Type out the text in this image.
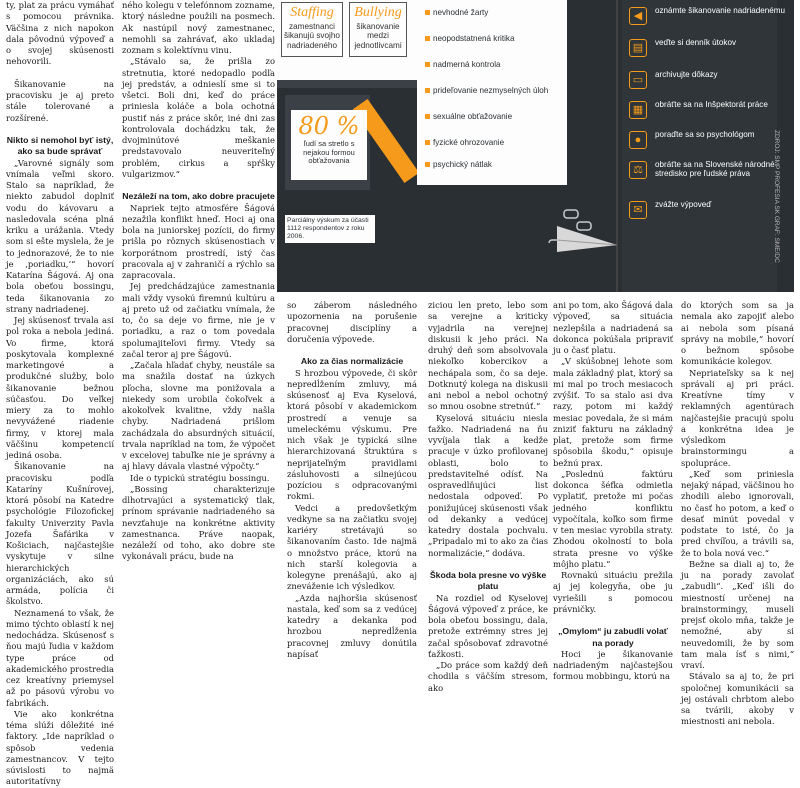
ty, plat za prácu vymáhať s pomocou právnika. Väčšina z nich napokon dala pôvodnú výpoveď a o svojej skúsenosti nehovorili.

Šikanovanie na pracovisku je aj preto stále tolerované a rozšírené.

Nikto si nemohol byť istý, ako sa bude správať

„Varovné signály som vnímala veľmi skoro. Stalo sa napríklad, že niekto zabudol doplniť vodu do kávovaru a nasledovala scéna plná kriku a urážania. Vtedy som si ešte myslela, že je to jednorazové, že to nie je ‚poriadku,‘“ hovorí Katarína Šágová. Aj ona bola obeťou bossingu, teda šikanovania zo strany nadriadenej.

Jej skúsenosť trvala asi pol roka a nebola jediná. Vo firme, ktorá poskytovala komplexné marketingové a produkčné služby, bolo šikanovanie bežnou súčasťou. Do veľkej miery za to mohlo nevyvážené riadenie firmy, v ktorej mala väčšinu kompetencií jediná osoba.

Šikanovanie na pracovisku podľa Kataríny Kušnírovej, ktorá pôsobí na Katedre psychológie Filozofickej fakulty Univerzity Pavla Jozefa Šafárika v Košiciach, najčastejšie vyskytuje v silne hierarchických organizáciách, ako sú armáda, polícia či školstvo.

Neznamená to však, že mimo týchto oblastí k nej nedochádza. Skúsenosť s ňou majú ľudia v každom type práce od akademického prostredia cez kreatívny priemysel až po pásovú výrobu vo fabrikách.

Vie ako konkrétna téma slúži dôležité iné faktory. „Ide napríklad o spôsob vedenia zamestnancov. V tejto súvislosti to najmä autoritatívny

ného kolegu v telefónnom zozname, ktorý následne použili na posmech. Ak nastúpil nový zamestnanec, nemohli sa zahrávať, ako ukladaj zoznam s kolektívnu vinu.

„Stávalo sa, že prišla zo stretnutia, ktoré nedopadlo podľa jej predstáv, a odnieslí sme si to všetci. Boli dni, keď do práce priniesla koláče a bola ochotná pustiť nás z práce skôr, iné dni zas kontrolovala dochádzku tak, že dvojminútové meškanie predstavovalo neuveriteľný problém, cirkus a spŕšky vulgarizmov.“

Nezáleží na tom, ako dobre pracujete

Napriek tejto atmosfére Šágová nezažila konflikt hneď. Hoci aj ona bola na juniorskej pozícii, do firmy prišla po rôznych skúsenostiach v korporátnom prostredí, istý čas pracovala aj v zahraničí a rýchlo sa zapracovala.

Jej predchádzajúce zamestnania mali vždy vysokú firemnú kultúru a aj preto už od začiatku vnímala, že to, čo sa deje vo firme, nie je v poriadku, a raz o tom povedala spolumajiteľovi firmy. Vtedy sa začal teror aj pre Šágovú.

„Začala hľadať chyby, neustále sa ma snažila dostať na úzkych pľocha, slovne ma ponižovala a niekedy som urobila čokoľvek a akokoľvek kvalitne, vždy našla chyby. Nadriadená prišlom zachádzala do absurdných situácií, trvala napríklad na tom, že výpočet v excelovej tabuľke nie je správny a aj hlavy dávala vlastné výpočty.“

Ide o typickú stratégiu bossingu.

„Bossing charakterizuje dlhotrvajúci a systematický tlak, prínom správanie nadriadeného sa nevzťahuje na konkrétne aktivity zamestnanca. Práve naopak, nezáleží od toho, ako dobre ste vykonávali prácu, bude na

Staffing
zamestnanci šikanujú svojho nadriadeného
Bullying
šikanovanie medzi jednotlivcami
80 %
ľudí sa stretlo s nejakou formou obťažovania
Parciálny výskum za účasti 1112 respondentov z roku 2006.
nevhodné žarty
neopodstatnená kritika
nadmerná kontrola
prideľovanie nezmyselných úloh
sexuálne obťažovanie
fyzické ohrozovanie
psychický nátlak
◀	oznámte šikanovanie nadriadenému
▤	veďte si denník útokov
▭	archivujte dôkazy
▦	obráťte sa na Inšpektorát práce
●	poraďte sa so psychológom
⚖	obráťte sa na Slovenské národné stredisko pre ľudské práva
✉	zvážte výpoveď	ZDROJ: SMP PROFESIA SK GRAF: SME/DC

so záberom následného upozornenia na porušenie pracovnej disciplíny a doručenia výpovede.

Ako za čias normalizácie

S hrozbou výpovede, či skôr nepredĺžením zmluvy, má skúsenosť aj Eva Kyselová, ktorá pôsobí v akademickom prostredí a venuje sa umeleckému výskumu. Pre nich však je typická silne hierarchizovaná štruktúra s neprijateľným pravidlami zásluhovosti a silnejúcou pozíciou s odpracovanými rokmi.

Vedci a predovšetkým vedkyne sa na začiatku svojej kariéry stretávajú so šikanovaním často. Ide najmä o množstvo práce, ktorú na nich starší kolegovia a kolegyne prenášajú, ako aj zneváženie ich výsledkov.

„Azda najhoršia skúsenosť nastala, keď som sa z vedúcej katedry a dekanka pod hrozbou nepredĺženia pracovnej zmluvy donútila napísať

ziciou len preto, lebo som sa verejne a kriticky vyjadrila na verejnej diskusii k jeho práci. Na druhý deň som absolvovala niekoľko kobercikov a nechápala som, čo sa deje. Dotknutý kolega na diskusii ani nebol a nebol ochotný so mnou osobne stretnúť.“

Kyselová situáciu niesla ťažko. Nadriadená na ňu vyvíjala tlak a kedže pracuje v úzko profilovanej oblasti, bolo to predstaviteľné odísť. Na ospravedlňujúci list nedostala odpoveď. Po ponižujúcej skúsenosti však od dekanky a vedúcej katedry dostala pochvalu. „Pripadalo mi to ako za čias normalizácie,“ dodáva.

Škoda bola presne vo výške platu

Na rozdiel od Kyselovej Šágová výpoveď z práce, ke bola obeťou bossingu, dala, pretože extrémny stres jej začal spôsobovať zdravotné ťažkosti.

„Do práce som každý deň chodila s väčším stresom, ako

ani po tom, ako Šágová dala výpoveď, sa situácia nezlepšila a nadriadená sa dokonca pokúšala pripraviť ju o časť platu.

„V skúšobnej lehote som mala základný plat, ktorý sa mi mal po troch mesiacoch zvýšiť. To sa stalo asi dva razy, potom mi každý mesiac povedala, že si mám zniziť fakturu na základný plat, pretože som firme spôsobila škodu,“ opisuje bežnú prax.

„Poslednú faktúru dokonca šéfka odmietla vyplatiť, pretože mi počas jedného konfliktu vypočítala, koľko som firme v ten mesiac vyrobila straty. Zhodou okolností to bola strata presne vo výške môjho platu.“

Rovnakú situáciu prežila aj jej kolegyňa, obe ju vyriešili s pomocou právničky.

„Omylom“ ju zabudli volať na porady

Hoci je šikanovanie nadriadeným najčastejšou formou mobbingu, ktorú na

do ktorých som sa ja nemala ako zapojiť alebo ai nebola som písaná správy na mobile,“ hovorí o bežnom spôsobe komunikácie kolegov.

Nepriateľsky sa k nej správali aj pri práci. Kreatívne tímy v reklamných agentúrach najčastejšie pracujú spolu a konkrétna idea je výsledkom brainstormingu a spolupráce.

„Keď som priniesla nejaký nápad, väčšinou ho zhodili alebo ignorovali, no časť ho potom, a keď o desať minút povedal v podstate to isté, čo ja pred chvíľou, a trávili sa, že to bola nová vec.“

Bežne sa diali aj to, že ju na porady zavolať „zabudli“. „Keď išli do miestností určenej na brainstormingy, museli prejsť okolo mňa, takže je nemožné, aby si neuvedomili, že by som tam mala ísť s nimi,“ vraví.

Stávalo sa aj to, že pri spoločnej komunikácii sa jej ostávali chrbtom alebo sa tvárili, akoby v miestnosti ani nebola.
